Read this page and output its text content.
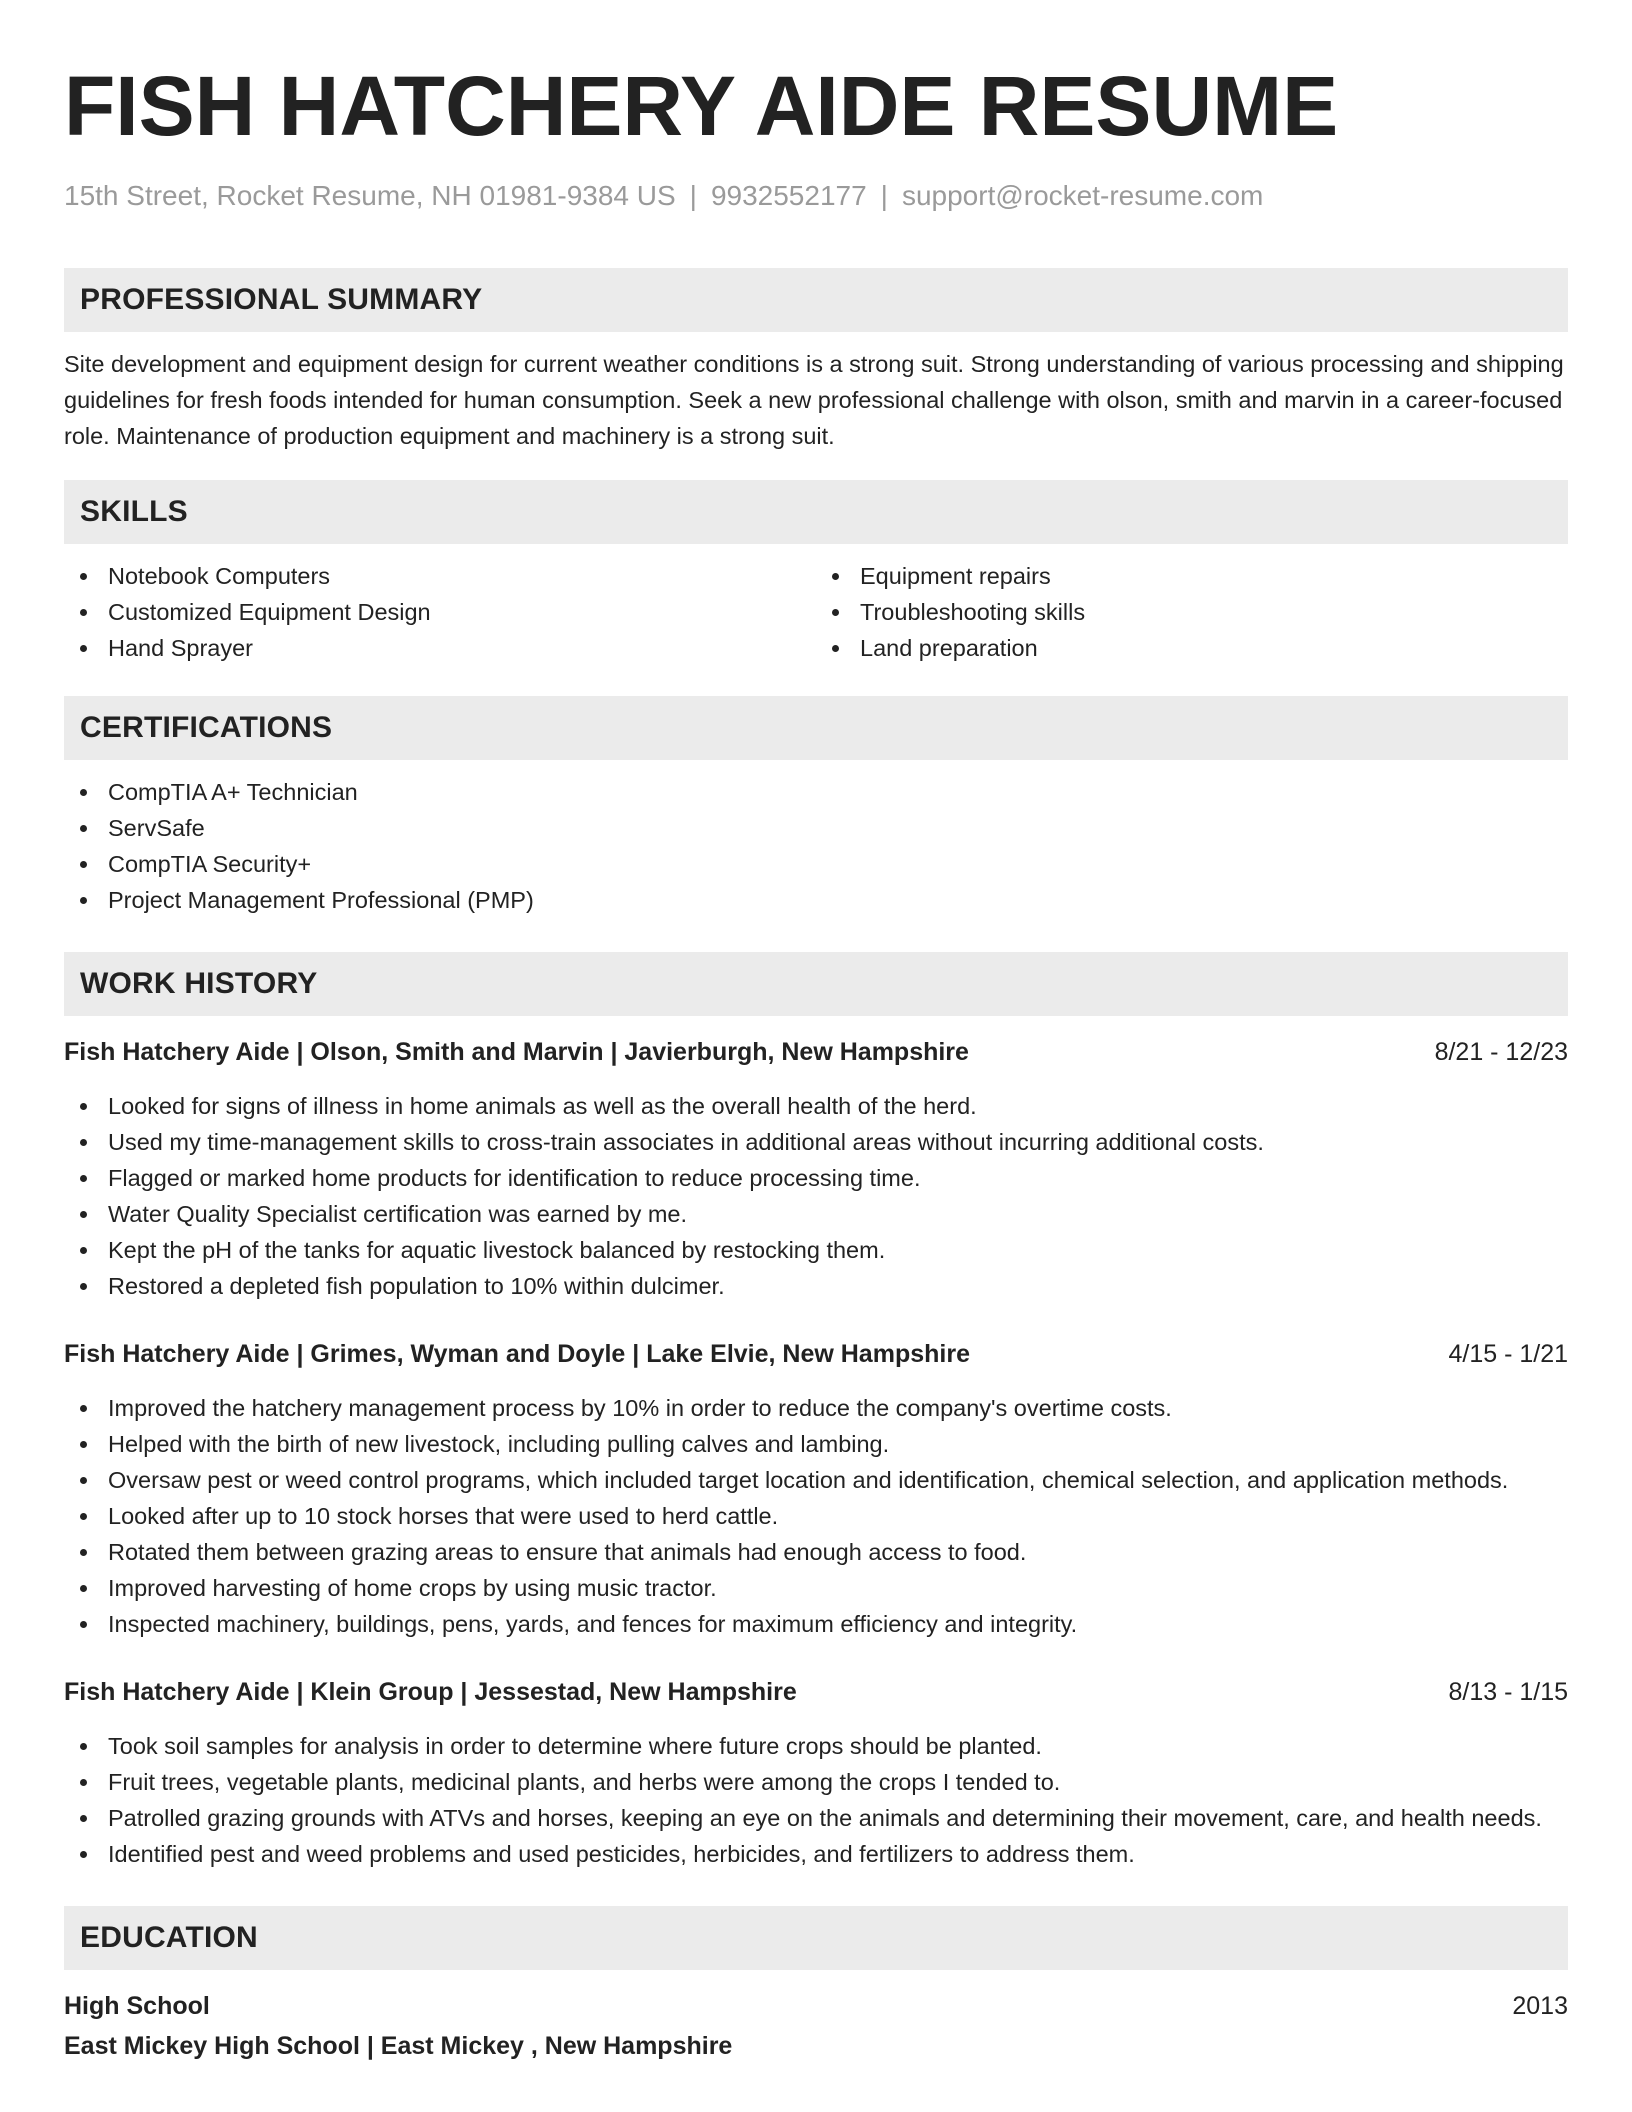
FISH HATCHERY AIDE RESUME
15th Street, Rocket Resume, NH 01981-9384 US | 9932552177 | support@rocket-resume.com
PROFESSIONAL SUMMARY
Site development and equipment design for current weather conditions is a strong suit. Strong understanding of various processing and shipping guidelines for fresh foods intended for human consumption. Seek a new professional challenge with olson, smith and marvin in a career-focused role. Maintenance of production equipment and machinery is a strong suit.
SKILLS
Notebook Computers
Customized Equipment Design
Hand Sprayer
Equipment repairs
Troubleshooting skills
Land preparation
CERTIFICATIONS
CompTIA A+ Technician
ServSafe
CompTIA Security+
Project Management Professional (PMP)
WORK HISTORY
Fish Hatchery Aide | Olson, Smith and Marvin | Javierburgh, New Hampshire	8/21 - 12/23
Looked for signs of illness in home animals as well as the overall health of the herd.
Used my time-management skills to cross-train associates in additional areas without incurring additional costs.
Flagged or marked home products for identification to reduce processing time.
Water Quality Specialist certification was earned by me.
Kept the pH of the tanks for aquatic livestock balanced by restocking them.
Restored a depleted fish population to 10% within dulcimer.
Fish Hatchery Aide | Grimes, Wyman and Doyle | Lake Elvie, New Hampshire	4/15 - 1/21
Improved the hatchery management process by 10% in order to reduce the company's overtime costs.
Helped with the birth of new livestock, including pulling calves and lambing.
Oversaw pest or weed control programs, which included target location and identification, chemical selection, and application methods.
Looked after up to 10 stock horses that were used to herd cattle.
Rotated them between grazing areas to ensure that animals had enough access to food.
Improved harvesting of home crops by using music tractor.
Inspected machinery, buildings, pens, yards, and fences for maximum efficiency and integrity.
Fish Hatchery Aide | Klein Group | Jessestad, New Hampshire	8/13 - 1/15
Took soil samples for analysis in order to determine where future crops should be planted.
Fruit trees, vegetable plants, medicinal plants, and herbs were among the crops I tended to.
Patrolled grazing grounds with ATVs and horses, keeping an eye on the animals and determining their movement, care, and health needs.
Identified pest and weed problems and used pesticides, herbicides, and fertilizers to address them.
EDUCATION
High School	2013
East Mickey High School | East Mickey , New Hampshire
